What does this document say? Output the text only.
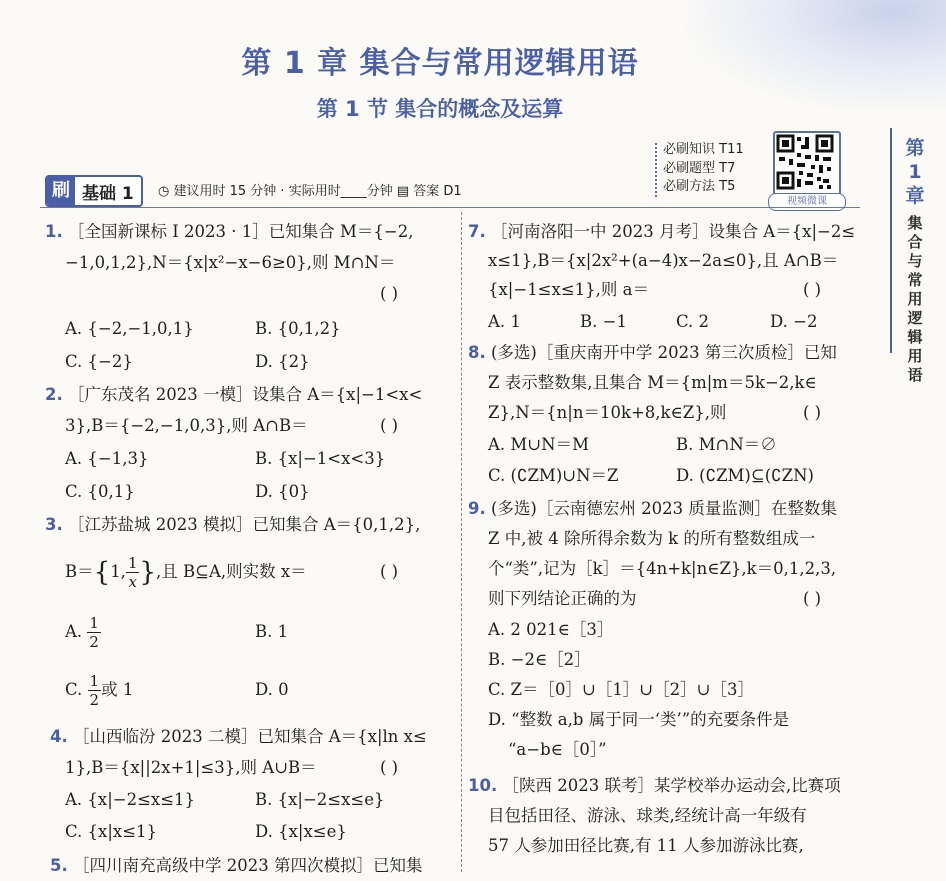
第 1 章 集合与常用逻辑用语
第 1 节 集合的概念及运算
第
1
章
集
合
与
常
用
逻
辑
用
语
必刷知识 T11
必刷题型 T7
必刷方法 T5
视频微课
刷 基础 1	◷ 建议用时 15 分钟 · 实际用时____分钟 ▤ 答案 D1
1. ［全国新课标 Ⅰ 2023 · 1］已知集合 M＝{−2,
−1,0,1,2},N＝{x|x²−x−6≥0},则 M∩N＝
( )
A. {−2,−1,0,1}	B. {0,1,2}
C. {−2}	D. {2}
2. ［广东茂名 2023 一模］设集合 A＝{x|−1<x<
3},B＝{−2,−1,0,3},则 A∩B＝	( )
A. {−1,3}	B. {x|−1<x<3}
C. {0,1}	D. {0}
3. ［江苏盐城 2023 模拟］已知集合 A＝{0,1,2},
B＝{1, $\frac{1}{x}$ },且 B⊆A,则实数 x＝	( )
A. $\frac{1}{2}$	B. 1
C. $\frac{1}{2}$ 或 1	D. 0
4. ［山西临汾 2023 二模］已知集合 A＝{x|ln x≤
1},B＝{x||2x+1|≤3},则 A∪B＝	( )
A. {x|−2≤x≤1}	B. {x|−2≤x≤e}
C. {x|x≤1}	D. {x|x≤e}
5. ［四川南充高级中学 2023 第四次模拟］已知集
7. ［河南洛阳一中 2023 月考］设集合 A＝{x|−2≤
x≤1},B＝{x|2x²+(a−4)x−2a≤0},且 A∩B＝
{x|−1≤x≤1},则 a＝	( )
A. 1	B. −1	C. 2	D. −2
8. (多选)［重庆南开中学 2023 第三次质检］已知
Z 表示整数集,且集合 M＝{m|m＝5k−2,k∈
Z},N＝{n|n＝10k+8,k∈Z},则	( )
A. M∪N＝M	B. M∩N＝∅
C. (∁ZM)∪N＝Z	D. (∁ZM)⊆(∁ZN)
9. (多选)［云南德宏州 2023 质量监测］在整数集
Z 中,被 4 除所得余数为 k 的所有整数组成一
个“类”,记为［k］＝{4n+k|n∈Z},k＝0,1,2,3,
则下列结论正确的为	( )
A. 2 021∈［3］
B. −2∈［2］
C. Z＝［0］∪［1］∪［2］∪［3］
D. “整数 a,b 属于同一‘类’”的充要条件是
“a−b∈［0］”
10. ［陕西 2023 联考］某学校举办运动会,比赛项
目包括田径、游泳、球类,经统计高一年级有
57 人参加田径比赛,有 11 人参加游泳比赛,
